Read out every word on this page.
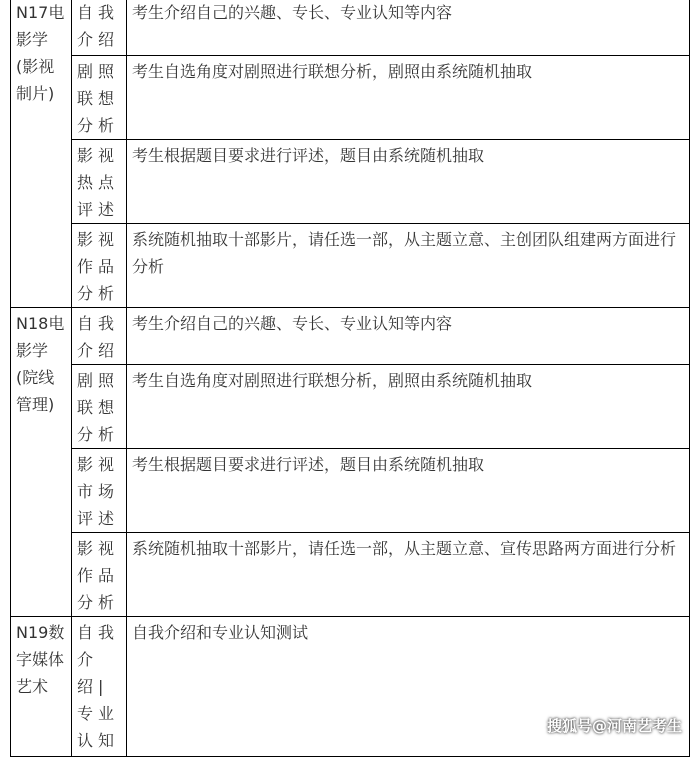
N17电影学(影视制片)	自我介绍	考生介绍自己的兴趣、专长、专业认知等内容

	剧照联想分析	考生自选角度对剧照进行联想分析，剧照由系统随机抽取

	影视热点评述	考生根据题目要求进行评述，题目由系统随机抽取

	影视作品分析	系统随机抽取十部影片，请任选一部，从主题立意、主创团队组建两方面进行分析

N18电影学(院线管理)	自我介绍	考生介绍自己的兴趣、专长、专业认知等内容

	剧照联想分析	考生自选角度对剧照进行联想分析，剧照由系统随机抽取

	影视市场评述	考生根据题目要求进行评述，题目由系统随机抽取

	影视作品分析	系统随机抽取十部影片，请任选一部，从主题立意、宣传思路两方面进行分析

N19数字媒体艺术	自我介绍|专业认知	自我介绍和专业认知测试
搜狐号@河南艺考生
